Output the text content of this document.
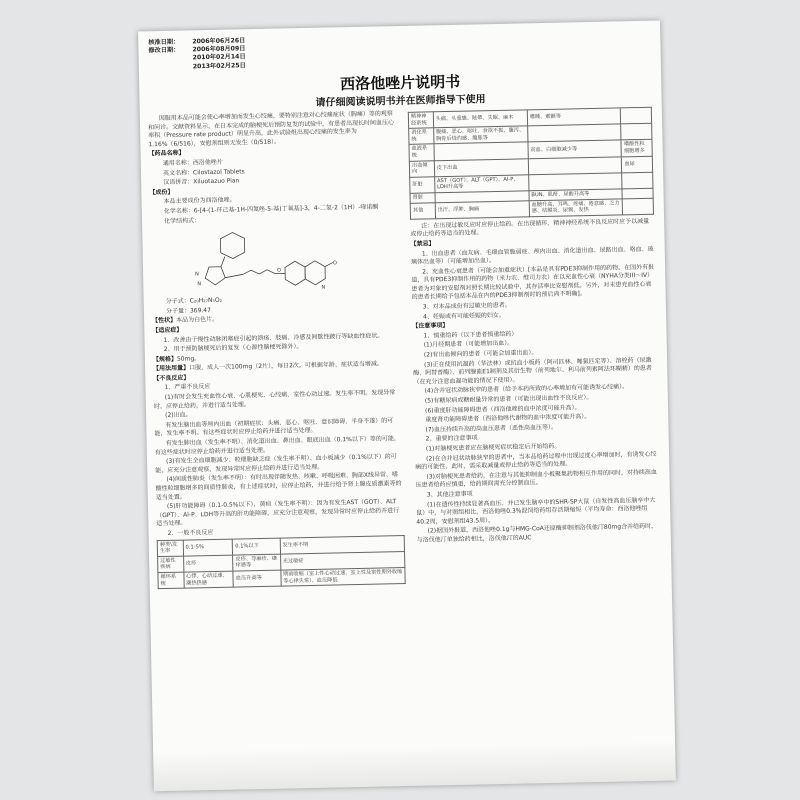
核准日期：	2006年06月26日
修改日期：	2006年08月09日
2010年02月14日
2013年02月25日
西洛他唑片说明书
请仔细阅读说明书并在医师指导下使用

因服用本品可能会使心率增加而发生心绞痛，要特别注意对心绞痛症状（胸痛）等的观察和问诊。文献资料显示，在日本完成的脑梗死后预防复发的试验中，有患者出现长时间血压心率积（Pressure rate product）明显升高，此外试验组出现心绞痛的发生率为1.16%（6/516），安慰剂组则无发生（0/518）。

【药品名称】

通用名称：西洛他唑片

英文名称：Cilostazol Tablets

汉语拼音：Xiluotazuo Pian

【成份】

本品主要成份为西洛他唑。

化学名称：6-[4-(1-环己基-1H-四氮唑-5-基)丁氧基]-3，4-二氢-2（1H）-喹诺酮

化学结构式：

N
N
N
O
O

分子式：C₂₀H₂₇N₅O₂

分子量：369.47

【性状】本品为白色片。

【适应症】

1、改善由于慢性动脉闭塞症引起的溃疡、肢痛、冷感及间歇性跛行等缺血性症状。

2、用于预防脑梗死后的复发（心源性脑梗死除外）。

【规格】50mg。

【用法用量】口服，成人一次100mg（2片），每日2次。可根据年龄、症状适当增减。

【不良反应】

1、严重不良反应

(1)有时会发生充血性心衰、心肌梗死、心绞痛、室性心动过速。发生率不明。发现异常时，应停止给药，并进行适当处理。

(2)出血。

有发生脑出血等颅内出血（初期症状：头痛、恶心、呕吐、意识障碍、半身不遂）的可能，发生率不明。有这些症状时应停止给药并进行适当处理。

有发生肺出血（发生率不明）、消化道出血、鼻出血、眼底出血（0.1%以下）等的可能，有这些症状时应停止给药并进行适当处理。

(3)有发生全血细胞减少、粒细胞缺乏症（发生率不明）、血小板减少（0.1%以下）的可能，应充分注意观察，发现异常时应停止给药并进行适当处理。

(4)间质性肺炎（发生率不明）：有时出现伴随发热、咳嗽、呼吸困难、胸部X线异常、嗜酸性粒细胞增多的间质性肺炎，有上述症状时，应停止给药，并进行给予肾上腺皮质激素等的适当处置。

(5)肝功能障碍（0.1-0.5%以下），黄疸（发生率不明）：因为有发生AST（GOT）、ALT（GPT）、Al-P、LDH等升高的肝功能障碍，应充分注意观察，发现异常时应停止给药并进行适当处理。

2、一般不良反应

种类\发生率	0.1-5%	0.1%以下	发生率不明
过敏性疾病	皮疹	皮疹、荨麻疹、瘙痒感等	光过敏症
循环系统	心悸、心动过速、潮热热感	血压升高等	期前收缩（室上性心动过速、室上性及室性期外收缩等心律失常）、血压降低
精神神经系统	头痛、头重感、眩晕、失眠、麻木	嗜睡、震颤等	
消化系统	腹痛、恶心、呕吐、食欲不振、腹泻、胸骨后烧灼感、腹胀等		
血液系统		贫血、白细胞减少等	嗜酸性粒细胞增多
出血倾向	皮下出血		血尿
肝脏	AST（GOT）、ALT（GPT）、Al-P、LDH升高等		
肾脏		BUN、肌酐、尿酸升高等	
其他	出汗、浮肿、胸痛	血糖升高、耳鸣、疼痛、倦怠感、乏力感、结膜炎、尿频、发热	

注：在出现过敏反应时应停止给药。在出现循环、精神神经系统不良反应时应予以减量或停止给药等适当的处理。

【禁忌】

1、出血患者（血友病、毛细血管脆弱症、颅内出血、消化道出血、尿路出血、咯血、玻璃体出血等）（可能增加出血）。

2、充血性心衰患者（可能会加重症状）[本品是具有PDE3抑制作用的药物。在国外有报道，具有PDE3抑制作用的药物（米力农、维司力农）在以充血性心衰（NYHA分类III～IV）患者为对象的安慰剂对照长期比较试验中，其存活率比安慰剂低。另外，对未患充血性心衰的患者长期给予包括本品在内的PDE3抑制剂时的预后尚不明确]。

3、对本品成份有过敏史的患者。

4、妊娠或有可能妊娠的妇女。

【注意事项】

1、慎重给药（以下患者慎重给药）

(1)月经期患者（可能增加出血）。

(2)有出血倾向的患者（可能会加重出血）。

(3)正在使用抗凝药（华法林）或抗血小板药（阿司匹林、噻氯匹定等）、溶栓药（尿激酶、阿替普酶）、前列腺素E1制剂及其衍生物（前列地尔、利马前列素阿法环糊精）的患者（在充分注意血凝功能的情况下使用）。

(4)合并冠状动脉狭窄的患者（给予本药所致的心率增加有可能诱发心绞痛）。

(5)有糖尿病或糖耐量异常的患者（可能出现出血性不良反应）。

(6)重度肝功能障碍患者（西洛他唑的血中浓度可能升高）。

重度肾功能障碍患者（西洛他唑代谢物的血中浓度可能升高）。

(7)血压持续升高的高血压患者（恶性高血压等）。

2、重要的注意事项

(1)对脑梗死患者应在脑梗死症状稳定后开始给药。

(2)在合并冠状动脉狭窄的患者中，当本品给药过程中出现过度心率增加时，有诱发心绞痛的可能性，此时，需采取减量或停止给药等适当的处理。

(3)对脑梗死患者给药，在注意与其他抑制血小板聚集药物相互作用的同时，对持续高血压患者给药应慎重，给药期间需充分控制血压。

3、其他注意事项

(1)在遗传性持续显著高血压、并已发生脑卒中的SHR-SP大鼠（自发性高血压脑卒中大鼠）中，与对照组相比，西洛他唑0.3%混饲给药组存活期缩短（平均寿命：西洛他唑组40.2周，安慰剂组43.5周）。

(2)据国外报道，西洛他唑0.1g与HMG-CoA还原酶抑制剂洛伐他汀80mg合并给药时，与洛伐他汀单独给药相比，洛伐他汀的AUC
